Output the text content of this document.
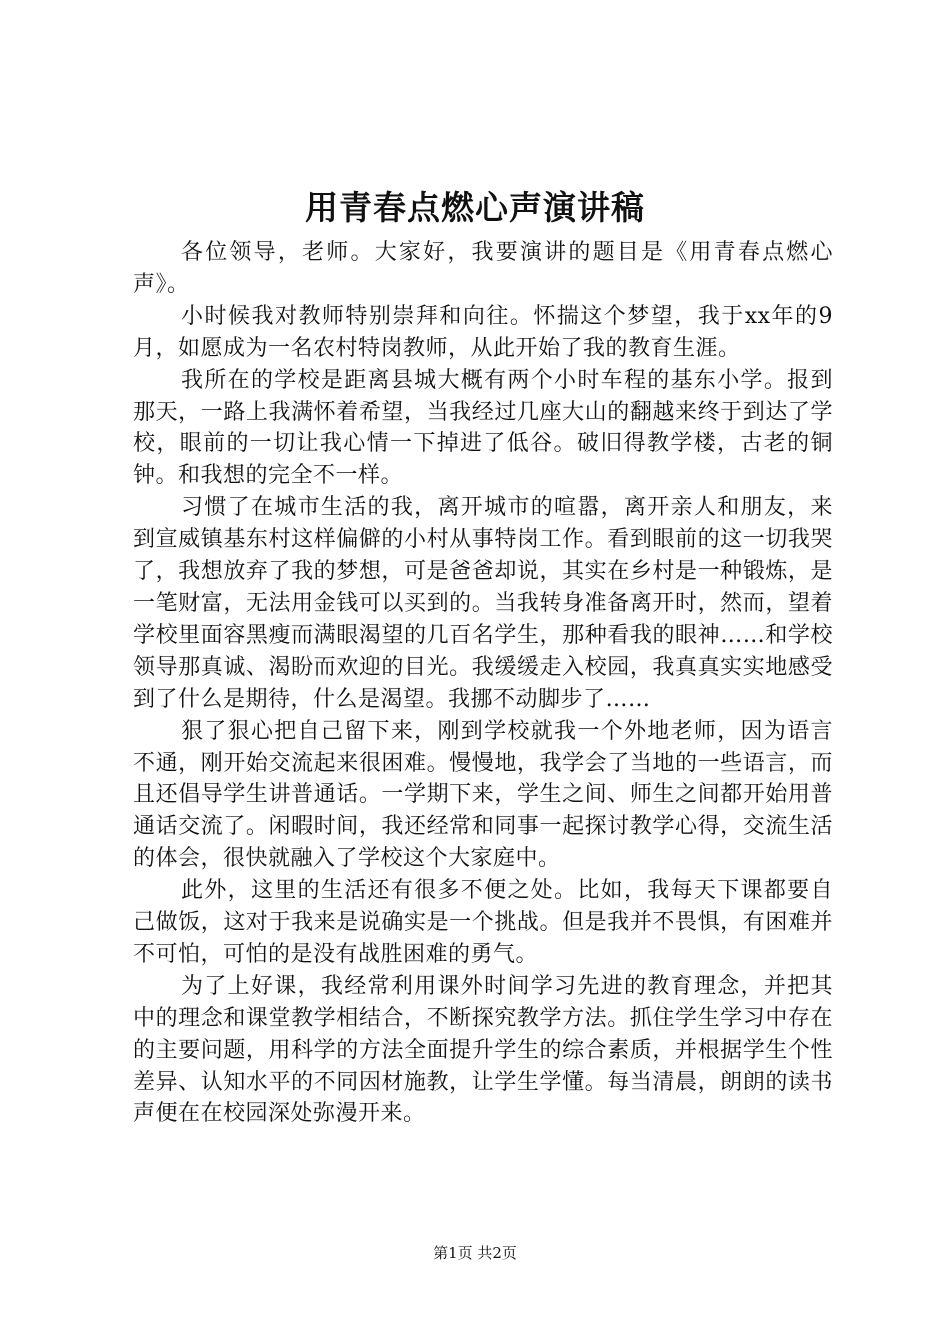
用青春点燃心声演讲稿

各位领导，老师。大家好，我要演讲的题目是《用青春点燃心声》。

小时候我对教师特别崇拜和向往。怀揣这个梦望，我于xx年的9月，如愿成为一名农村特岗教师，从此开始了我的教育生涯。

我所在的学校是距离县城大概有两个小时车程的基东小学。报到那天，一路上我满怀着希望，当我经过几座大山的翻越来终于到达了学校，眼前的一切让我心情一下掉进了低谷。破旧得教学楼，古老的铜钟。和我想的完全不一样。

习惯了在城市生活的我，离开城市的喧嚣，离开亲人和朋友，来到宣威镇基东村这样偏僻的小村从事特岗工作。看到眼前的这一切我哭了，我想放弃了我的梦想，可是爸爸却说，其实在乡村是一种锻炼，是一笔财富，无法用金钱可以买到的。当我转身准备离开时，然而，望着学校里面容黑瘦而满眼渴望的几百名学生，那种看我的眼神……和学校领导那真诚、渴盼而欢迎的目光。我缓缓走入校园，我真真实实地感受到了什么是期待，什么是渴望。我挪不动脚步了……

狠了狠心把自己留下来，刚到学校就我一个外地老师，因为语言不通，刚开始交流起来很困难。慢慢地，我学会了当地的一些语言，而且还倡导学生讲普通话。一学期下来，学生之间、师生之间都开始用普通话交流了。闲暇时间，我还经常和同事一起探讨教学心得，交流生活的体会，很快就融入了学校这个大家庭中。

此外，这里的生活还有很多不便之处。比如，我每天下课都要自己做饭，这对于我来是说确实是一个挑战。但是我并不畏惧，有困难并不可怕，可怕的是没有战胜困难的勇气。

为了上好课，我经常利用课外时间学习先进的教育理念，并把其中的理念和课堂教学相结合，不断探究教学方法。抓住学生学习中存在的主要问题，用科学的方法全面提升学生的综合素质，并根据学生个性差异、认知水平的不同因材施教，让学生学懂。每当清晨，朗朗的读书声便在在校园深处弥漫开来。

第1页 共2页
